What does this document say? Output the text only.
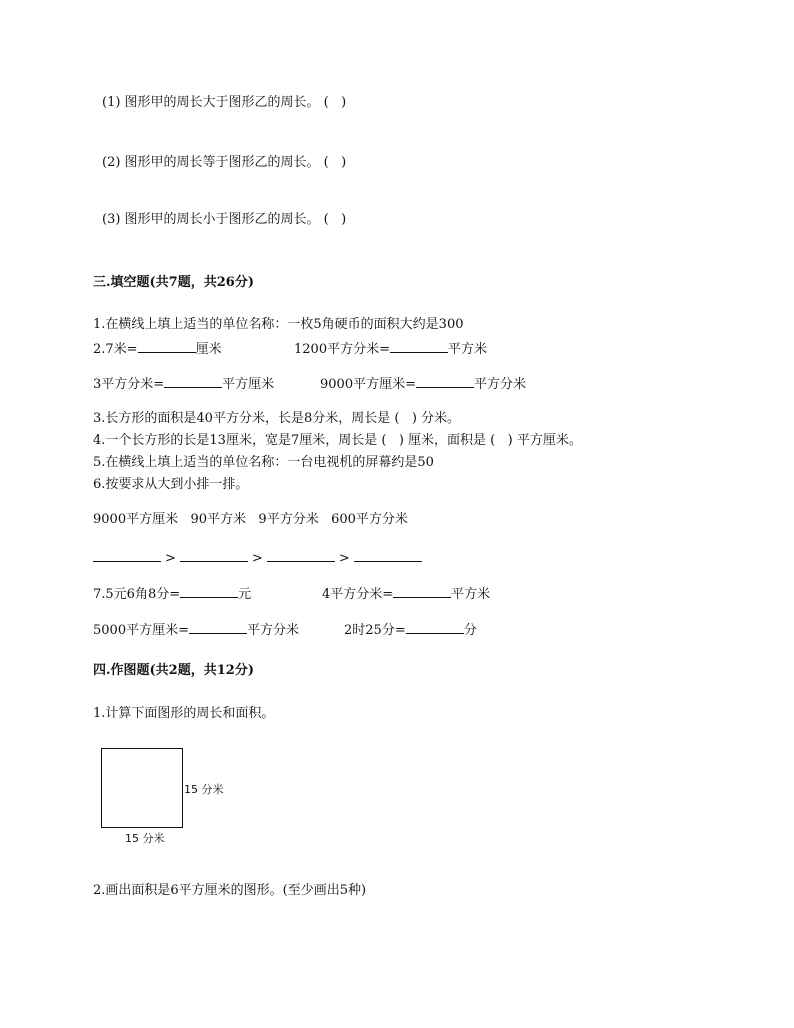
(1) 图形甲的周长大于图形乙的周长。 (   )
(2) 图形甲的周长等于图形乙的周长。 (   )
(3) 图形甲的周长小于图形乙的周长。 (   )
三.填空题(共7题，共26分)
1.在横线上填上适当的单位名称：一枚5角硬币的面积大约是300
2.7米=	厘米	1200平方分米=	平方米
3平方分米=	平方厘米	9000平方厘米=	平方分米
3.长方形的面积是40平方分米，长是8分米，周长是 (   ) 分米。
4.一个长方形的长是13厘米，宽是7厘米，周长是 (   ) 厘米，面积是 (   ) 平方厘米。
5.在横线上填上适当的单位名称：一台电视机的屏幕约是50
6.按要求从大到小排一排。
9000平方厘米   90平方米   9平方分米   600平方分米
>	>	>
7.5元6角8分=	元	4平方分米=	平方米
5000平方厘米=	平方分米	2时25分=	分
四.作图题(共2题，共12分)
1.计算下面图形的周长和面积。
15 分米
15 分米
2.画出面积是6平方厘米的图形。(至少画出5种)
